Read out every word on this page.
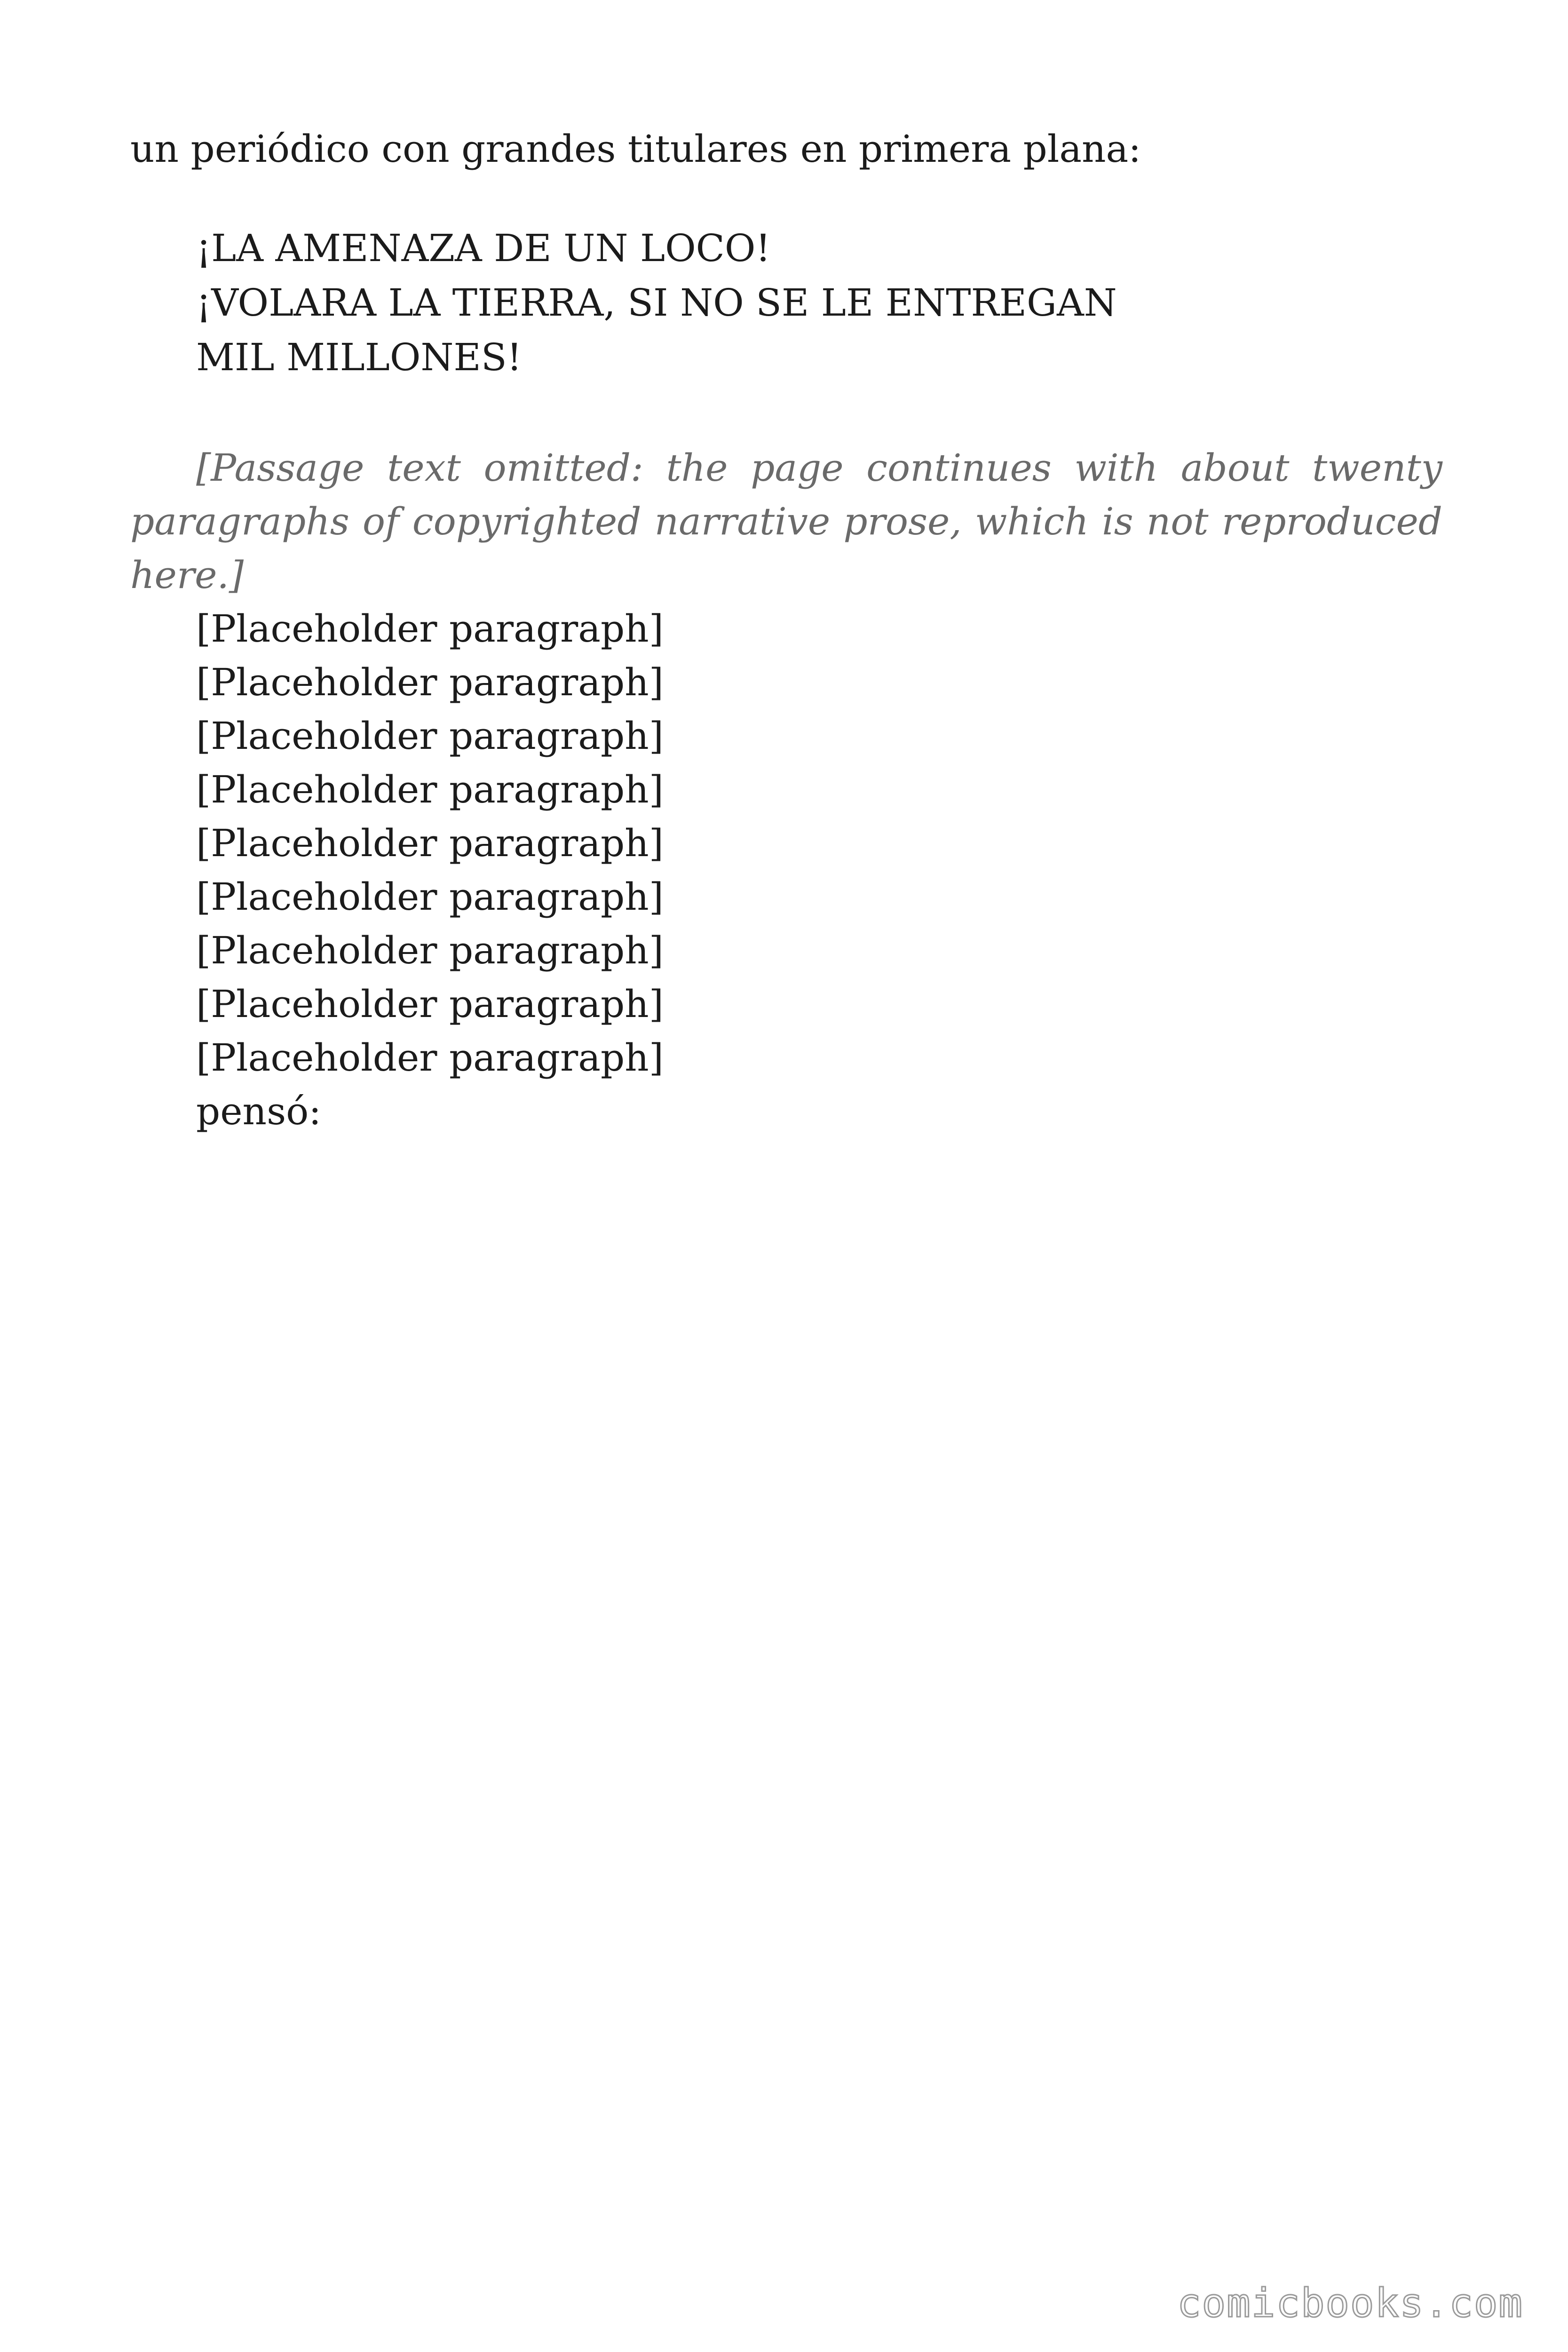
un periódico con grandes titulares en primera plana:

¡LA AMENAZA DE UN LOCO!
¡VOLARA LA TIERRA, SI NO SE LE ENTREGAN
MIL MILLONES!

[Passage text omitted: the page continues with about twenty paragraphs of copyrighted narrative prose, which is not reproduced here.]

[Placeholder paragraph]

[Placeholder paragraph]

[Placeholder paragraph]

[Placeholder paragraph]

[Placeholder paragraph]

[Placeholder paragraph]

[Placeholder paragraph]

[Placeholder paragraph]

[Placeholder paragraph]

pensó:

comicbooks.com
